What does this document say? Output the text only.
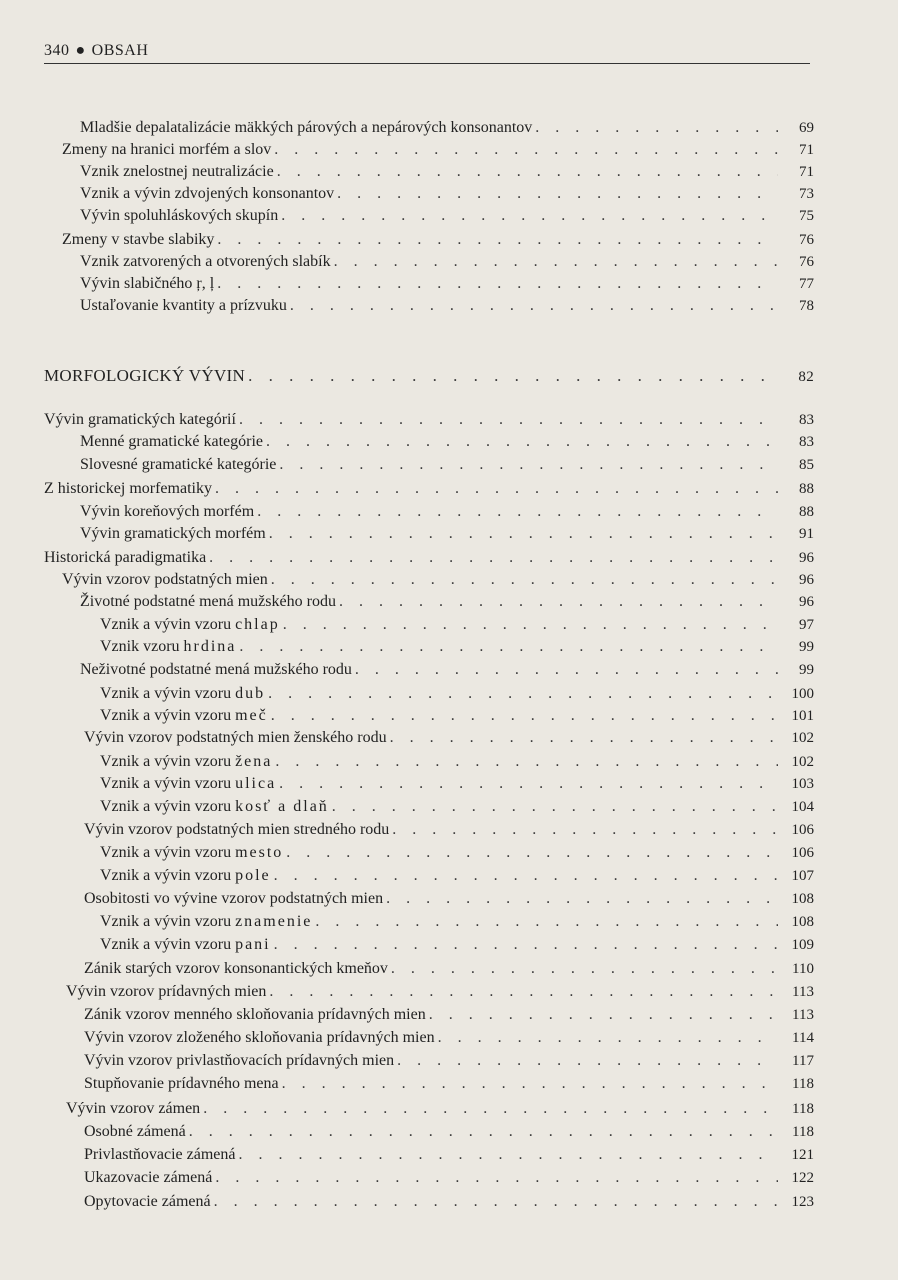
340 ● OBSAH
Mladšie depalatalizácie mäkkých párových a nepárových konsonantov . . .	69
Zmeny na hranici morfém a slov . . .	71
Vznik znelostnej neutralizácie . . .	71
Vznik a vývin zdvojených konsonantov . . .	73
Vývin spoluhláskových skupín . . .	75
Zmeny v stavbe slabiky . . .	76
Vznik zatvorených a otvorených slabík . . .	76
Vývin slabičného ŗ, ļ . . .	77
Ustaľovanie kvantity a prízvuku . . .	78
MORFOLOGICKÝ VÝVIN . . .	82
Vývin gramatických kategórií . . .	83
Menné gramatické kategórie . . .	83
Slovesné gramatické kategórie . . .	85
Z historickej morfematiky . . .	88
Vývin koreňových morfém . . .	88
Vývin gramatických morfém . . .	91
Historická paradigmatika . . .	96
Vývin vzorov podstatných mien . . .	96
Životné podstatné mená mužského rodu . . .	96
Vznik a vývin vzoru chlap . . .	97
Vznik vzoru hrdina . . .	99
Neživotné podstatné mená mužského rodu . . .	99
Vznik a vývin vzoru dub . . .	100
Vznik a vývin vzoru meč . . .	101
Vývin vzorov podstatných mien ženského rodu . . .	102
Vznik a vývin vzoru žena . . .	102
Vznik a vývin vzoru ulica . . .	103
Vznik a vývin vzoru kosť a dlaň . . .	104
Vývin vzorov podstatných mien stredného rodu . . .	106
Vznik a vývin vzoru mesto . . .	106
Vznik a vývin vzoru pole . . .	107
Osobitosti vo vývine vzorov podstatných mien . . .	108
Vznik a vývin vzoru znamenie . . .	108
Vznik a vývin vzoru pani . . .	109
Zánik starých vzorov konsonantických kmeňov . . .	110
Vývin vzorov prídavných mien . . .	113
Zánik vzorov menného skloňovania prídavných mien . . .	113
Vývin vzorov zloženého skloňovania prídavných mien . . .	114
Vývin vzorov privlastňovacích prídavných mien . . .	117
Stupňovanie prídavného mena . . .	118
Vývin vzorov zámen . . .	118
Osobné zámená . . .	118
Privlastňovacie zámená . . .	121
Ukazovacie zámená . . .	122
Opytovacie zámená . . .	123
